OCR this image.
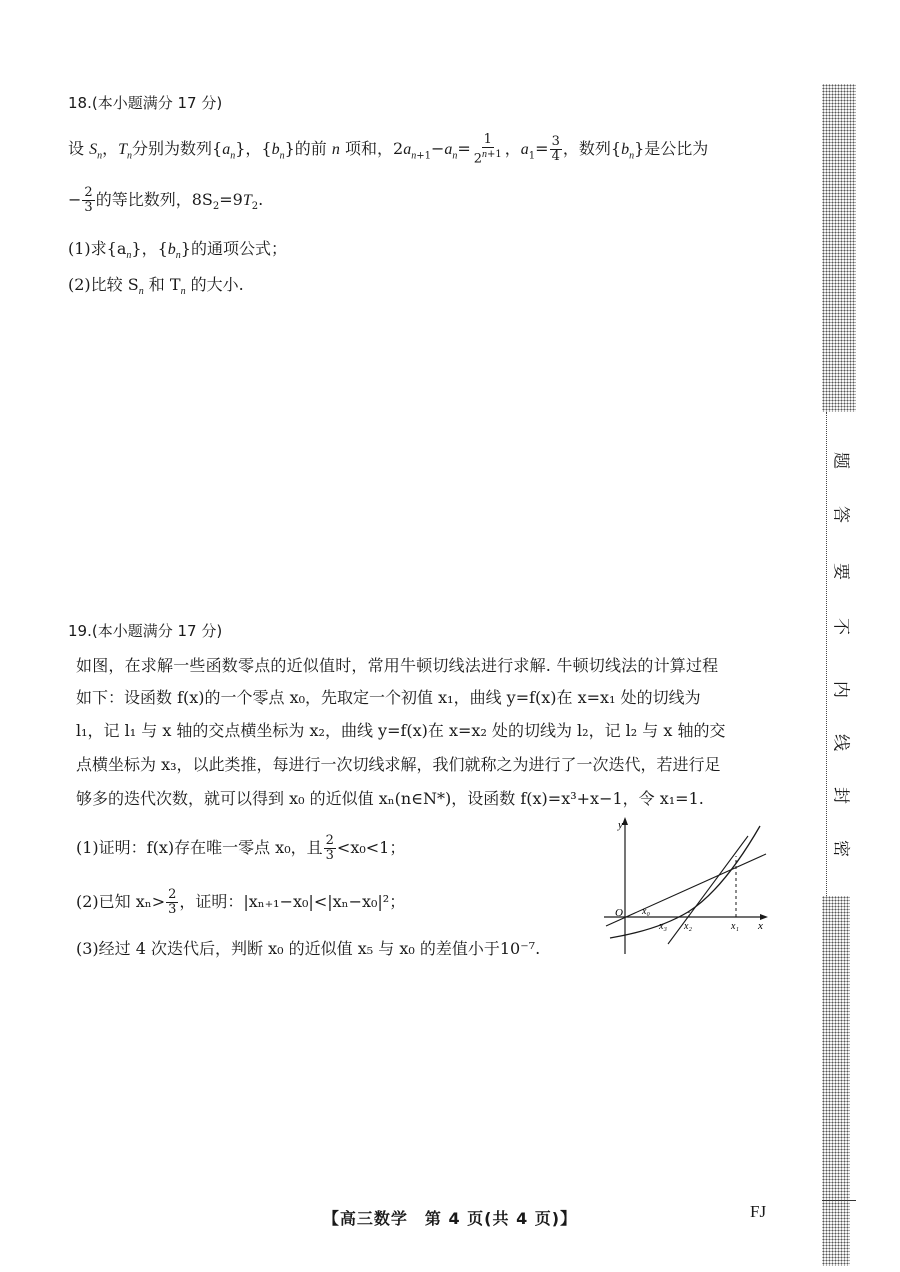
18.(本小题满分 17 分)
设 $S_n$，$T_n$分别为数列$\{a_n\}$，$\{b_n\}$的前 n 项和，$2a_{n+1}-a_n= \frac{1}{2^{n+1}}$ ，$a_1= \frac{3}{4}$ ，数列$\{b_n\}$是公比为
− $\frac{2}{3}$ 的等比数列，$8S_2=9T_2$.
(1)求$\{a_n\}$，$\{b_n\}$的通项公式；
(2)比较 $S_n$ 和 $T_n$ 的大小.
19.(本小题满分 17 分)
如图，在求解一些函数零点的近似值时，常用牛顿切线法进行求解. 牛顿切线法的计算过程
如下：设函数 f(x)的一个零点 x₀，先取定一个初值 x₁，曲线 y=f(x)在 x=x₁ 处的切线为
l₁，记 l₁ 与 x 轴的交点横坐标为 x₂，曲线 y=f(x)在 x=x₂ 处的切线为 l₂，记 l₂ 与 x 轴的交
点横坐标为 x₃，以此类推，每进行一次切线求解，我们就称之为进行了一次迭代，若进行足
够多的迭代次数，就可以得到 x₀ 的近似值 xₙ(n∈N*)，设函数 f(x)=x³+x−1，令 x₁=1.
(1)证明：f(x)存在唯一零点 x₀，且 $\frac{2}{3} <x_0<1$；
(2)已知 $x_n> \frac{2}{3}$ ，证明：|xₙ₊₁−x₀|<|xₙ−x₀|²；
(3)经过 4 次迭代后，判断 x₀ 的近似值 x₅ 与 x₀ 的差值小于10⁻⁷.
y
x
O x₀
x₃ x₂	x₁
密
封
线
内
不
要
答
题
【高三数学　第 4 页(共 4 页)】	FJ
